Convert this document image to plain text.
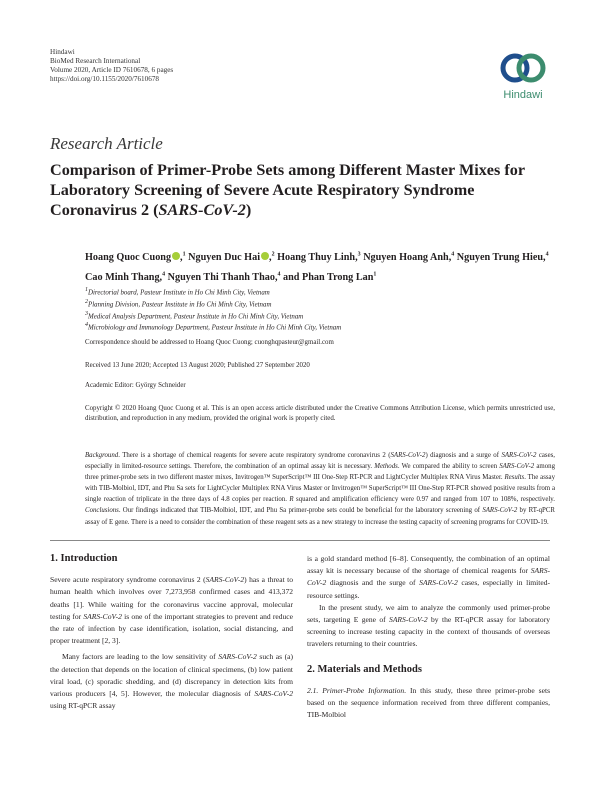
Hindawi
BioMed Research International
Volume 2020, Article ID 7610678, 6 pages
https://doi.org/10.1155/2020/7610678
Hindawi
Research Article
Comparison of Primer-Probe Sets among Different Master Mixes for Laboratory Screening of Severe Acute Respiratory Syndrome Coronavirus 2 (SARS-CoV-2)
Hoang Quoc Cuong ,$^1$ Nguyen Duc Hai ,$^2$ Hoang Thuy Linh,$^3$ Nguyen Hoang Anh,$^4$ Nguyen Trung Hieu,$^4$ Cao Minh Thang,$^4$ Nguyen Thi Thanh Thao,$^4$ and Phan Trong Lan$^1$
$^1$Directorial board, Pasteur Institute in Ho Chi Minh City, Vietnam
$^2$Planning Division, Pasteur Institute in Ho Chi Minh City, Vietnam
$^3$Medical Analysis Department, Pasteur Institute in Ho Chi Minh City, Vietnam
$^4$Microbiology and Immunology Department, Pasteur Institute in Ho Chi Minh City, Vietnam
Correspondence should be addressed to Hoang Quoc Cuong; cuonghqpasteur@gmail.com
Received 13 June 2020; Accepted 13 August 2020; Published 27 September 2020
Academic Editor: György Schneider
Copyright © 2020 Hoang Quoc Cuong et al. This is an open access article distributed under the Creative Commons Attribution License, which permits unrestricted use, distribution, and reproduction in any medium, provided the original work is properly cited.
Background. There is a shortage of chemical reagents for severe acute respiratory syndrome coronavirus 2 (SARS-CoV-2) diagnosis and a surge of SARS-CoV-2 cases, especially in limited-resource settings. Therefore, the combination of an optimal assay kit is necessary. Methods. We compared the ability to screen SARS-CoV-2 among three primer-probe sets in two different master mixes, Invitrogen™ SuperScript™ III One-Step RT-PCR and LightCycler Multiplex RNA Virus Master. Results. The assay with TIB-Molbiol, IDT, and Phu Sa sets for LightCycler Multiplex RNA Virus Master or Invitrogen™ SuperScript™ III One-Step RT-PCR showed positive results from a single reaction of triplicate in the three days of 4.8 copies per reaction. R squared and amplification efficiency were 0.97 and ranged from 107 to 108%, respectively. Conclusions. Our findings indicated that TIB-Molbiol, IDT, and Phu Sa primer-probe sets could be beneficial for the laboratory screening of SARS-CoV-2 by RT-qPCR assay of E gene. There is a need to consider the combination of these reagent sets as a new strategy to increase the testing capacity of screening programs for COVID-19.
1. Introduction

Severe acute respiratory syndrome coronavirus 2 (SARS-CoV-2) has a threat to human health which involves over 7,273,958 confirmed cases and 413,372 deaths [1]. While waiting for the coronavirus vaccine approval, molecular testing for SARS-CoV-2 is one of the important strategies to prevent and reduce the rate of infection by case identification, isolation, social distancing, and proper treatment [2, 3].

Many factors are leading to the low sensitivity of SARS-CoV-2 such as (a) the detection that depends on the location of clinical specimens, (b) low patient viral load, (c) sporadic shedding, and (d) discrepancy in detection kits from various producers [4, 5]. However, the molecular diagnosis of SARS-CoV-2 using RT-qPCR assay

is a gold standard method [6–8]. Consequently, the combination of an optimal assay kit is necessary because of the shortage of chemical reagents for SARS-CoV-2 diagnosis and the surge of SARS-CoV-2 cases, especially in limited-resource settings.

In the present study, we aim to analyze the commonly used primer-probe sets, targeting E gene of SARS-CoV-2 by the RT-qPCR assay for laboratory screening to increase testing capacity in the context of thousands of overseas travelers returning to their countries.

2. Materials and Methods

2.1. Primer-Probe Information. In this study, these three primer-probe sets based on the sequence information received from three different companies, TIB-Molbiol
